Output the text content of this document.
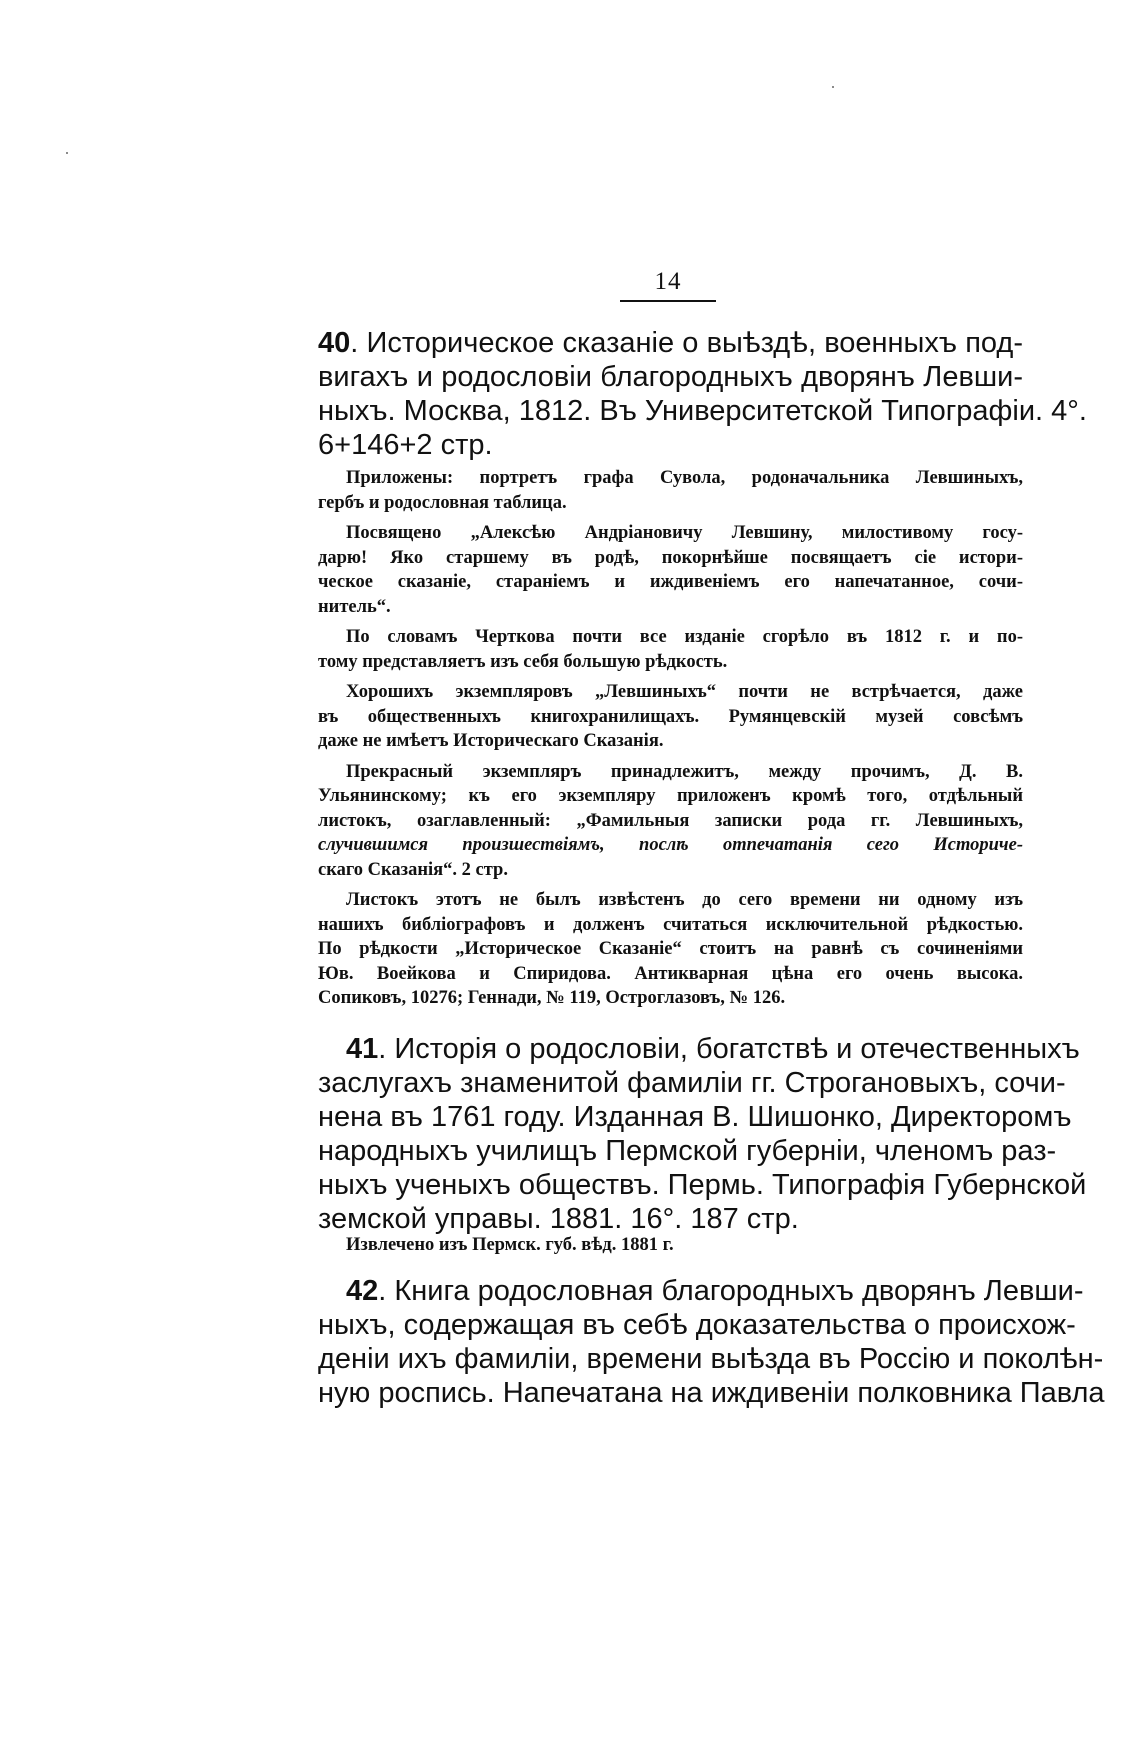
14
40. Историческое сказанiе о выѣздѣ, военныхъ под-
вигахъ и родословiи благородныхъ дворянъ Левши-
ныхъ. Москва, 1812. Въ Университетской Типографiи. 4°.
6+146+2 стр.
Приложены: портретъ графа Сувола, родоначальника Левшиныхъ,
гербъ и родословная таблица.
Посвящено „Алексѣю Андрiановичу Левшину, милостивому госу-
дарю! Яко старшему въ родѣ, покорнѣйше посвящаетъ сiе истори-
ческое сказанiе, старанiемъ и иждивенiемъ его напечатанное, сочи-
нитель“.
По словамъ Черткова почти все изданiе сгорѣло въ 1812 г. и по-
тому представляетъ изъ себя большую рѣдкость.
Хорошихъ экземпляровъ „Левшиныхъ“ почти не встрѣчается, даже
въ общественныхъ книгохранилищахъ. Румянцевскiй музей совсѣмъ
даже не имѣетъ Историческаго Сказанiя.
Прекрасный экземпляръ принадлежитъ, между прочимъ, Д. В.
Ульянинскому; къ его экземпляру приложенъ кромѣ того, отдѣльный
листокъ, озаглавленный: „Фамильныя записки рода гг. Левшиныхъ,
случившимся произшествiямъ, послѣ отпечатанiя сего Историче-
скаго Сказанiя“. 2 стр.
Листокъ этотъ не былъ извѣстенъ до сего времени ни одному изъ
нашихъ библiографовъ и долженъ считаться исключительной рѣдкостью.
По рѣдкости „Историческое Сказанiе“ стоитъ на равнѣ съ сочиненiями
Юв. Воейкова и Спиридова. Антикварная цѣна его очень высока.
Сопиковъ, 10276; Геннади, № 119, Остроглазовъ, № 126.
41. Исторiя о родословiи, богатствѣ и отечественныхъ
заслугахъ знаменитой фамилiи гг. Строгановыхъ, сочи-
нена въ 1761 году. Изданная В. Шишонко, Директоромъ
народныхъ училищъ Пермской губернiи, членомъ раз-
ныхъ ученыхъ обществъ. Пермь. Типографiя Губернской
земской управы. 1881. 16°. 187 стр.
Извлечено изъ Пермск. губ. вѣд. 1881 г.
42. Книга родословная благородныхъ дворянъ Левши-
ныхъ, содержащая въ себѣ доказательства о происхож-
денiи ихъ фамилiи, времени выѣзда въ Россiю и поколѣн-
ную роспись. Напечатана на иждивенiи полковника Павла
